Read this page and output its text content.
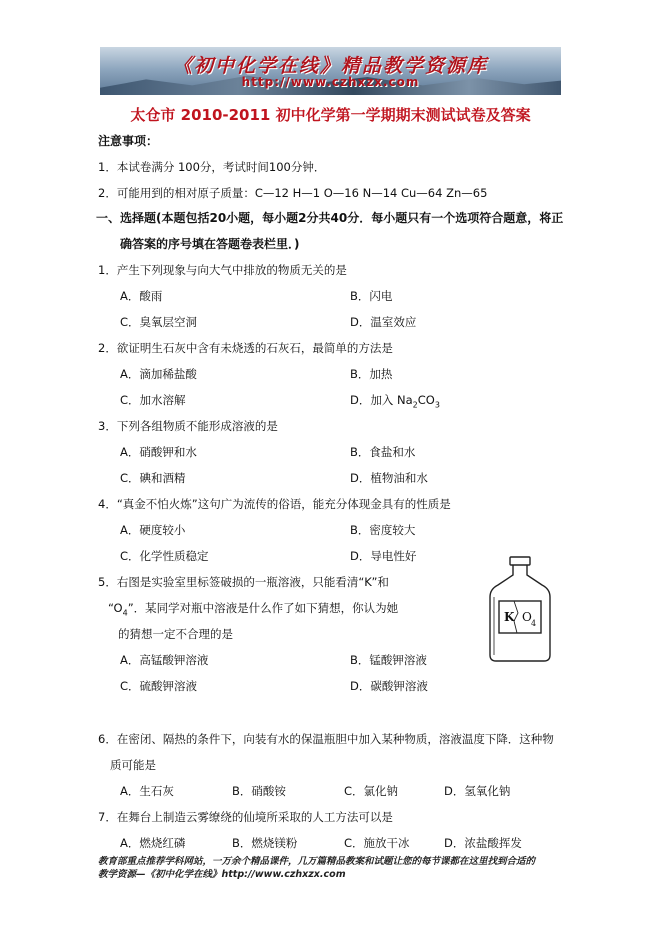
《初中化学在线》精品教学资源库
http://www.czhxzx.com
太仓市 2010-2011 初中化学第一学期期末测试试卷及答案
注意事项：
1．本试卷满分 100分，考试时间100分钟．
2．可能用到的相对原子质量：C—12 H—1 O—16 N—14 Cu—64 Zn—65
一、选择题(本题包括20小题，每小题2分共40分．每小题只有一个选项符合题意，将正
确答案的序号填在答题卷表栏里．)
1．产生下列现象与向大气中排放的物质无关的是
A．酸雨	B．闪电
C．臭氧层空洞	D．温室效应
2．欲证明生石灰中含有未烧透的石灰石，最简单的方法是
A．滴加稀盐酸	B．加热
C．加水溶解	D．加入 $Na_2CO_3$
3．下列各组物质不能形成溶液的是
A．硝酸钾和水	B．食盐和水
C．碘和酒精	D．植物油和水
4．“真金不怕火炼”这句广为流传的俗语，能充分体现金具有的性质是
A．硬度较小	B．密度较大
C．化学性质稳定	D．导电性好
5．右图是实验室里标签破损的一瓶溶液，只能看清“K”和
“$O_4$”．某同学对瓶中溶液是什么作了如下猜想，你认为她
的猜想一定不合理的是
A．高锰酸钾溶液	B．锰酸钾溶液
C．硫酸钾溶液	D．碳酸钾溶液
K O 4
6．在密闭、隔热的条件下，向装有水的保温瓶胆中加入某种物质，溶液温度下降．这种物
质可能是
A．生石灰	B．硝酸铵	C．氯化钠	D．氢氧化钠
7．在舞台上制造云雾缭绕的仙境所采取的人工方法可以是
A．燃烧红磷	B．燃烧镁粉	C．施放干冰	D．浓盐酸挥发
教育部重点推荐学科网站，一万余个精品课件，几万篇精品教案和试题让您的每节课都在这里找到合适的
教学资源—《初中化学在线》http://www.czhxzx.com
